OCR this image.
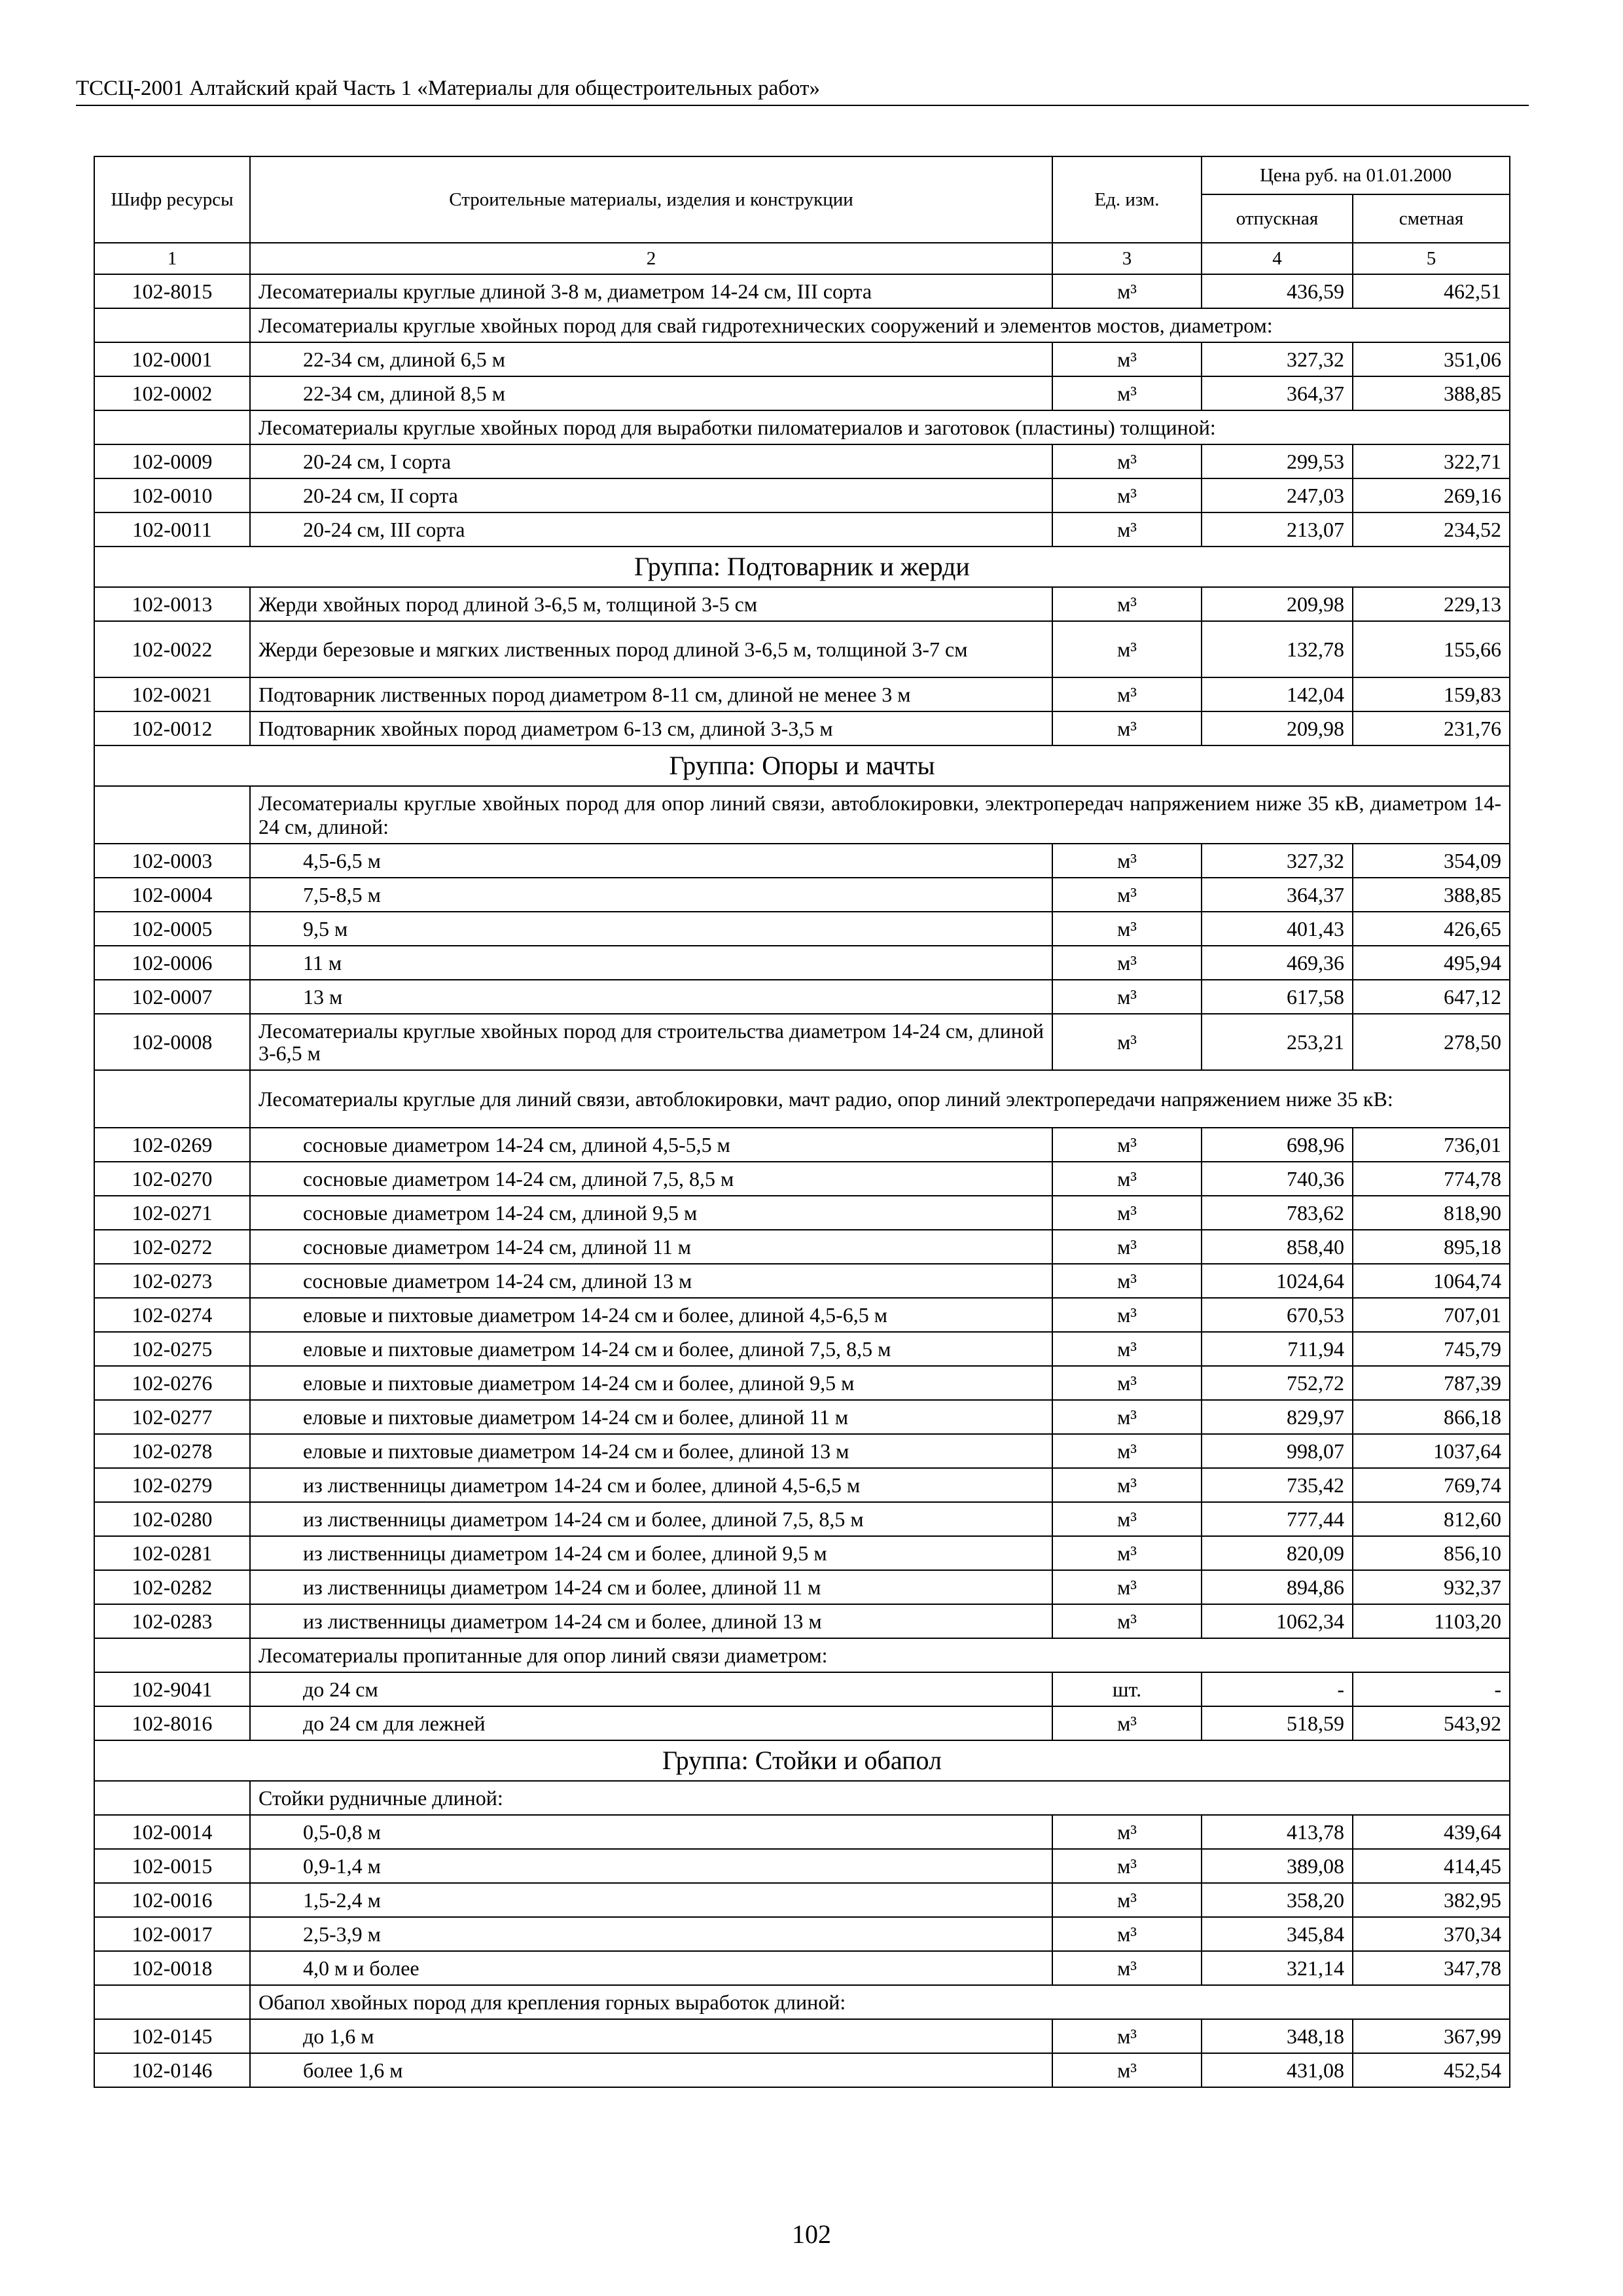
ТССЦ-2001 Алтайский край Часть 1 «Материалы для общестроительных работ»
Шифр ресурсы	Строительные материалы, изделия и конструкции	Ед. изм.	Цена руб. на 01.01.2000	
			отпускная	сметная
1	2	3	4	5
102-8015	Лесоматериалы круглые длиной 3-8 м, диаметром 14-24 см, III сорта	м³	436,59	462,51
	Лесоматериалы круглые хвойных пород для свай гидротехнических сооружений и элементов мостов, диаметром:			
102-0001	22-34 см, длиной 6,5 м	м³	327,32	351,06
102-0002	22-34 см, длиной 8,5 м	м³	364,37	388,85
	Лесоматериалы круглые хвойных пород для выработки пиломатериалов и заготовок (пластины) толщиной:			
102-0009	20-24 см, I сорта	м³	299,53	322,71
102-0010	20-24 см, II сорта	м³	247,03	269,16
102-0011	20-24 см, III сорта	м³	213,07	234,52
Группа: Подтоварник и жерди				
102-0013	Жерди хвойных пород длиной 3-6,5 м, толщиной 3-5 см	м³	209,98	229,13
102-0022	Жерди березовые и мягких лиственных пород длиной 3-6,5 м, толщиной 3-7 см	м³	132,78	155,66
102-0021	Подтоварник лиственных пород диаметром 8-11 см, длиной не менее 3 м	м³	142,04	159,83
102-0012	Подтоварник хвойных пород диаметром 6-13 см, длиной 3-3,5 м	м³	209,98	231,76
Группа: Опоры и мачты				
	Лесоматериалы круглые хвойных пород для опор линий связи, автоблокировки, электропередач напряжением ниже 35 кВ, диаметром 14-24 см, длиной:			
102-0003	4,5-6,5 м	м³	327,32	354,09
102-0004	7,5-8,5 м	м³	364,37	388,85
102-0005	9,5 м	м³	401,43	426,65
102-0006	11 м	м³	469,36	495,94
102-0007	13 м	м³	617,58	647,12
102-0008	Лесоматериалы круглые хвойных пород для строительства диаметром 14-24 см, длиной 3-6,5 м	м³	253,21	278,50
	Лесоматериалы круглые для линий связи, автоблокировки, мачт радио, опор линий электропередачи напряжением ниже 35 кВ:			
102-0269	сосновые диаметром 14-24 см, длиной 4,5-5,5 м	м³	698,96	736,01
102-0270	сосновые диаметром 14-24 см, длиной 7,5, 8,5 м	м³	740,36	774,78
102-0271	сосновые диаметром 14-24 см, длиной 9,5 м	м³	783,62	818,90
102-0272	сосновые диаметром 14-24 см, длиной 11 м	м³	858,40	895,18
102-0273	сосновые диаметром 14-24 см, длиной 13 м	м³	1024,64	1064,74
102-0274	еловые и пихтовые диаметром 14-24 см и более, длиной 4,5-6,5 м	м³	670,53	707,01
102-0275	еловые и пихтовые диаметром 14-24 см и более, длиной 7,5, 8,5 м	м³	711,94	745,79
102-0276	еловые и пихтовые диаметром 14-24 см и более, длиной 9,5 м	м³	752,72	787,39
102-0277	еловые и пихтовые диаметром 14-24 см и более, длиной 11 м	м³	829,97	866,18
102-0278	еловые и пихтовые диаметром 14-24 см и более, длиной 13 м	м³	998,07	1037,64
102-0279	из лиственницы диаметром 14-24 см и более, длиной 4,5-6,5 м	м³	735,42	769,74
102-0280	из лиственницы диаметром 14-24 см и более, длиной 7,5, 8,5 м	м³	777,44	812,60
102-0281	из лиственницы диаметром 14-24 см и более, длиной 9,5 м	м³	820,09	856,10
102-0282	из лиственницы диаметром 14-24 см и более, длиной 11 м	м³	894,86	932,37
102-0283	из лиственницы диаметром 14-24 см и более, длиной 13 м	м³	1062,34	1103,20
	Лесоматериалы пропитанные для опор линий связи диаметром:			
102-9041	до 24 см	шт.	-	-
102-8016	до 24 см для лежней	м³	518,59	543,92
Группа: Стойки и обапол				
	Стойки рудничные длиной:			
102-0014	0,5-0,8 м	м³	413,78	439,64
102-0015	0,9-1,4 м	м³	389,08	414,45
102-0016	1,5-2,4 м	м³	358,20	382,95
102-0017	2,5-3,9 м	м³	345,84	370,34
102-0018	4,0 м и более	м³	321,14	347,78
	Обапол хвойных пород для крепления горных выработок длиной:			
102-0145	до 1,6 м	м³	348,18	367,99
102-0146	более 1,6 м	м³	431,08	452,54
102
